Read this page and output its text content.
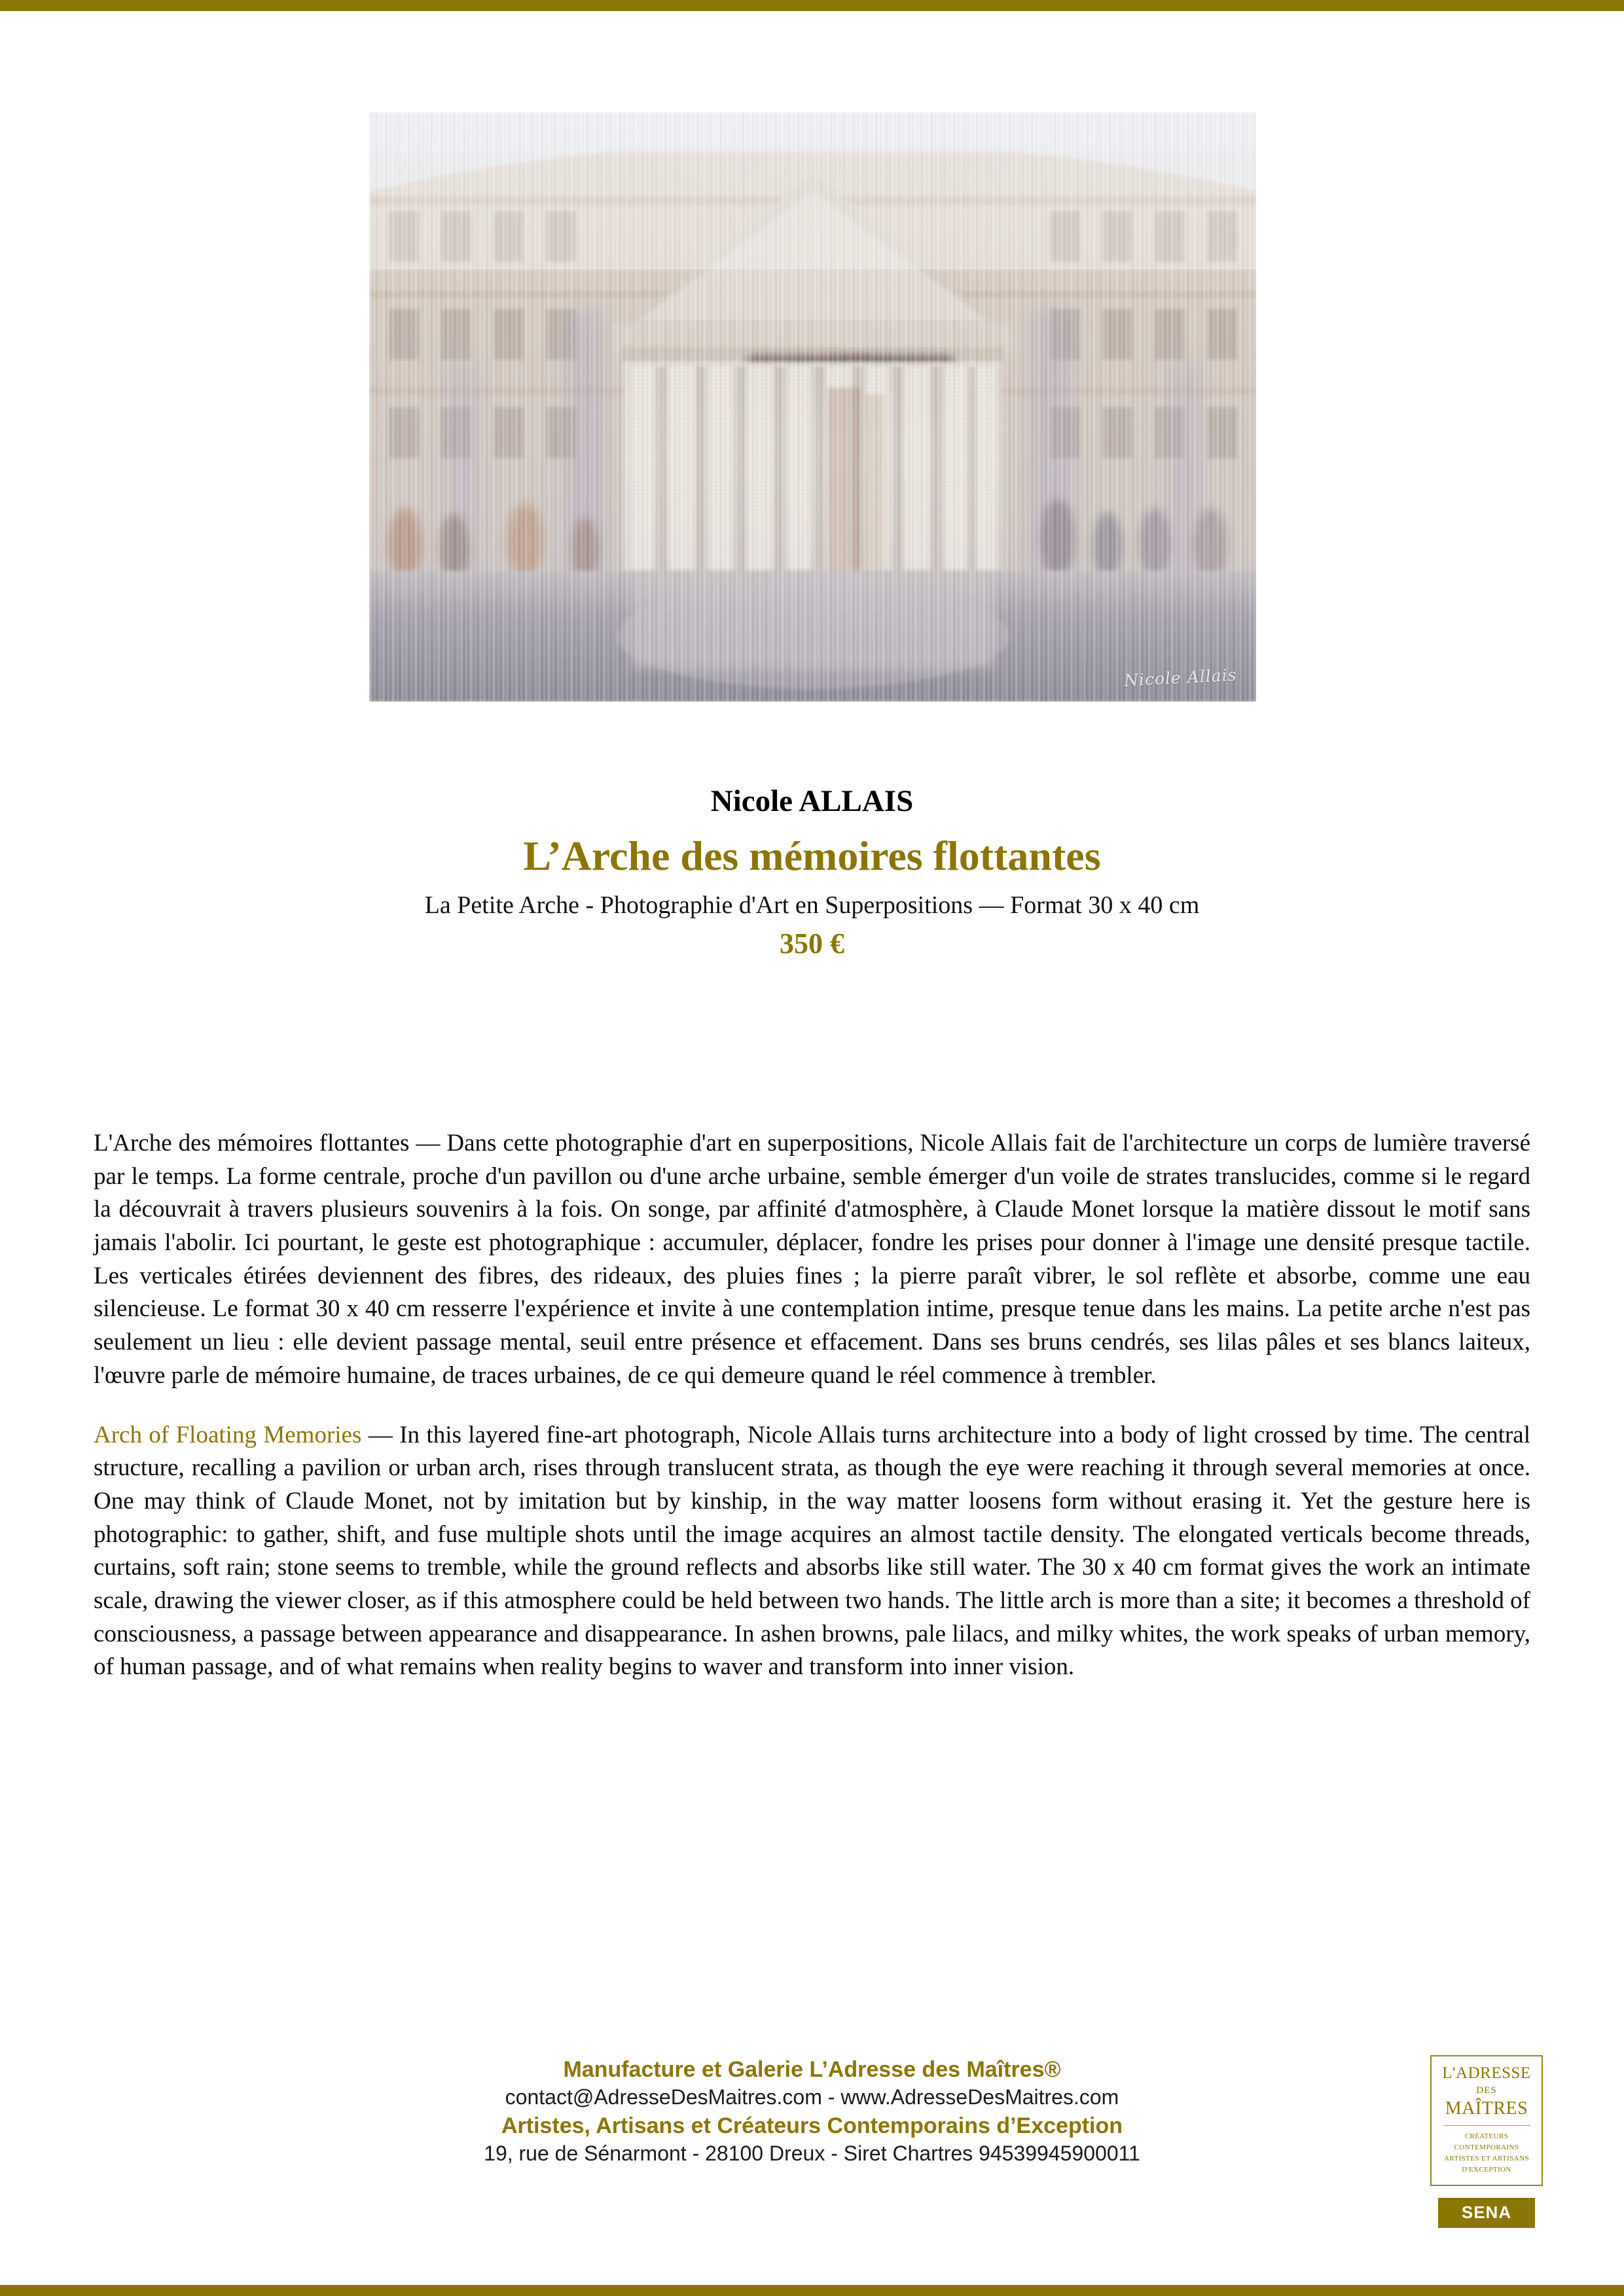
Nicole Allais

Nicole ALLAIS

L’Arche des mémoires flottantes

La Petite Arche - Photographie d'Art en Superpositions — Format 30 x 40 cm

350 €

L'Arche des mémoires flottantes — Dans cette photographie d'art en superpositions, Nicole Allais fait de l'architecture un corps de lumière traversé par le temps. La forme centrale, proche d'un pavillon ou d'une arche urbaine, semble émerger d'un voile de strates translucides, comme si le regard la découvrait à travers plusieurs souvenirs à la fois. On songe, par affinité d'atmosphère, à Claude Monet lorsque la matière dissout le motif sans jamais l'abolir. Ici pourtant, le geste est photographique : accumuler, déplacer, fondre les prises pour donner à l'image une densité presque tactile. Les verticales étirées deviennent des fibres, des rideaux, des pluies fines ; la pierre paraît vibrer, le sol reflète et absorbe, comme une eau silencieuse. Le format 30 x 40 cm resserre l'expérience et invite à une contemplation intime, presque tenue dans les mains. La petite arche n'est pas seulement un lieu : elle devient passage mental, seuil entre présence et effacement. Dans ses bruns cendrés, ses lilas pâles et ses blancs laiteux, l'œuvre parle de mémoire humaine, de traces urbaines, de ce qui demeure quand le réel commence à trembler.

Arch of Floating Memories — In this layered fine-art photograph, Nicole Allais turns architecture into a body of light crossed by time. The central structure, recalling a pavilion or urban arch, rises through translucent strata, as though the eye were reaching it through several memories at once. One may think of Claude Monet, not by imitation but by kinship, in the way matter loosens form without erasing it. Yet the gesture here is photographic: to gather, shift, and fuse multiple shots until the image acquires an almost tactile density. The elongated verticals become threads, curtains, soft rain; stone seems to tremble, while the ground reflects and absorbs like still water. The 30 x 40 cm format gives the work an intimate scale, drawing the viewer closer, as if this atmosphere could be held between two hands. The little arch is more than a site; it becomes a threshold of consciousness, a passage between appearance and disappearance. In ashen browns, pale lilacs, and milky whites, the work speaks of urban memory, of human passage, and of what remains when reality begins to waver and transform into inner vision.

Manufacture et Galerie L’Adresse des Maîtres®

contact@AdresseDesMaitres.com - www.AdresseDesMaitres.com

Artistes, Artisans et Créateurs Contemporains d’Exception

19, rue de Sénarmont - 28100 Dreux - Siret Chartres 94539945900011

L'ADRESSE
DES
MAÎTRES
CRÉATEURS CONTEMPORAINS
ARTISTES ET ARTISANS
D'EXCEPTION
SENA
